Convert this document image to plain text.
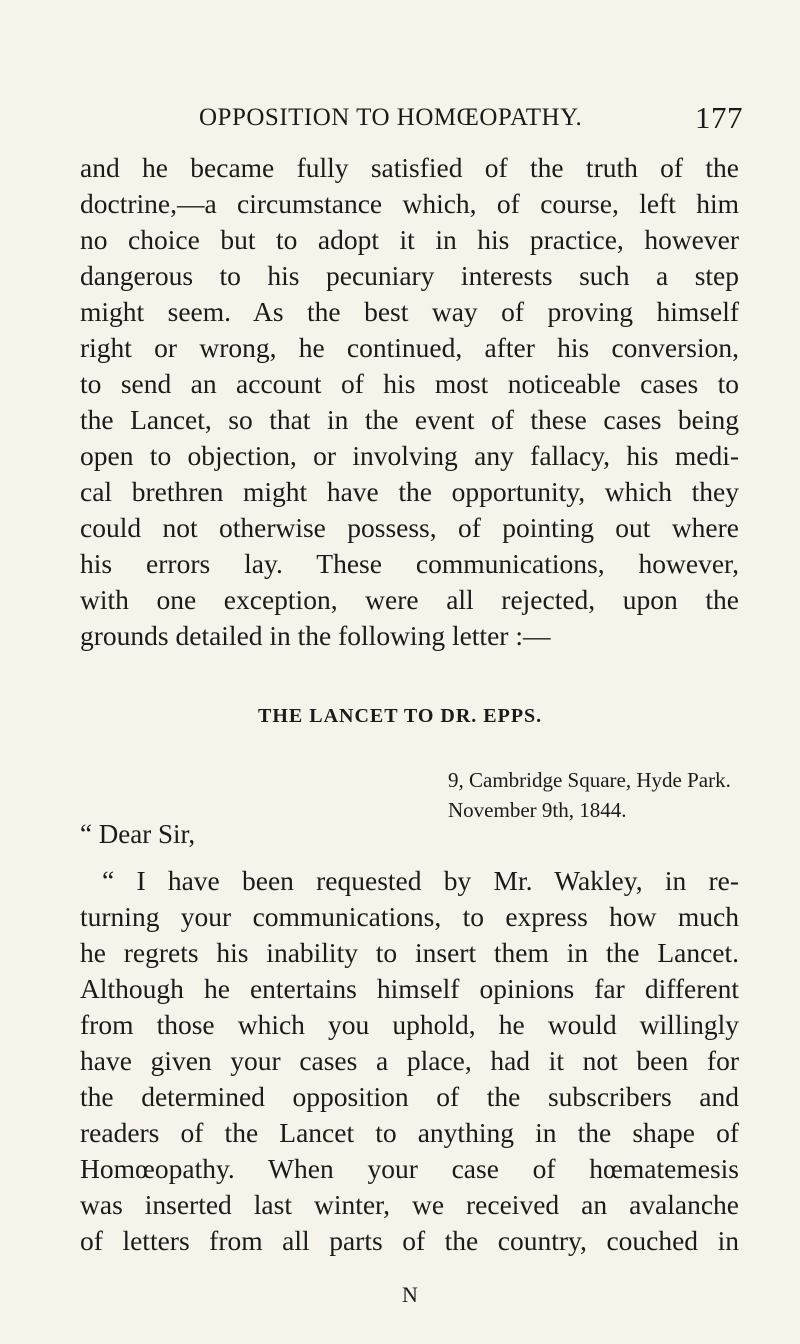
OPPOSITION TO HOMŒOPATHY.	177
and he became fully satisfied of the truth of the
doctrine,—a circumstance which, of course, left him
no choice but to adopt it in his practice, however
dangerous to his pecuniary interests such a step
might seem. As the best way of proving himself
right or wrong, he continued, after his conversion,
to send an account of his most noticeable cases to
the Lancet, so that in the event of these cases being
open to objection, or involving any fallacy, his medi-
cal brethren might have the opportunity, which they
could not otherwise possess, of pointing out where
his errors lay. These communications, however,
with one exception, were all rejected, upon the
grounds detailed in the following letter :—
THE LANCET TO DR. EPPS.
9, Cambridge Square, Hyde Park.
November 9th, 1844.
“ Dear Sir,
“ I have been requested by Mr. Wakley, in re-
turning your communications, to express how much
he regrets his inability to insert them in the Lancet.
Although he entertains himself opinions far different
from those which you uphold, he would willingly
have given your cases a place, had it not been for
the determined opposition of the subscribers and
readers of the Lancet to anything in the shape of
Homœopathy. When your case of hœmatemesis
was inserted last winter, we received an avalanche
of letters from all parts of the country, couched in
N
